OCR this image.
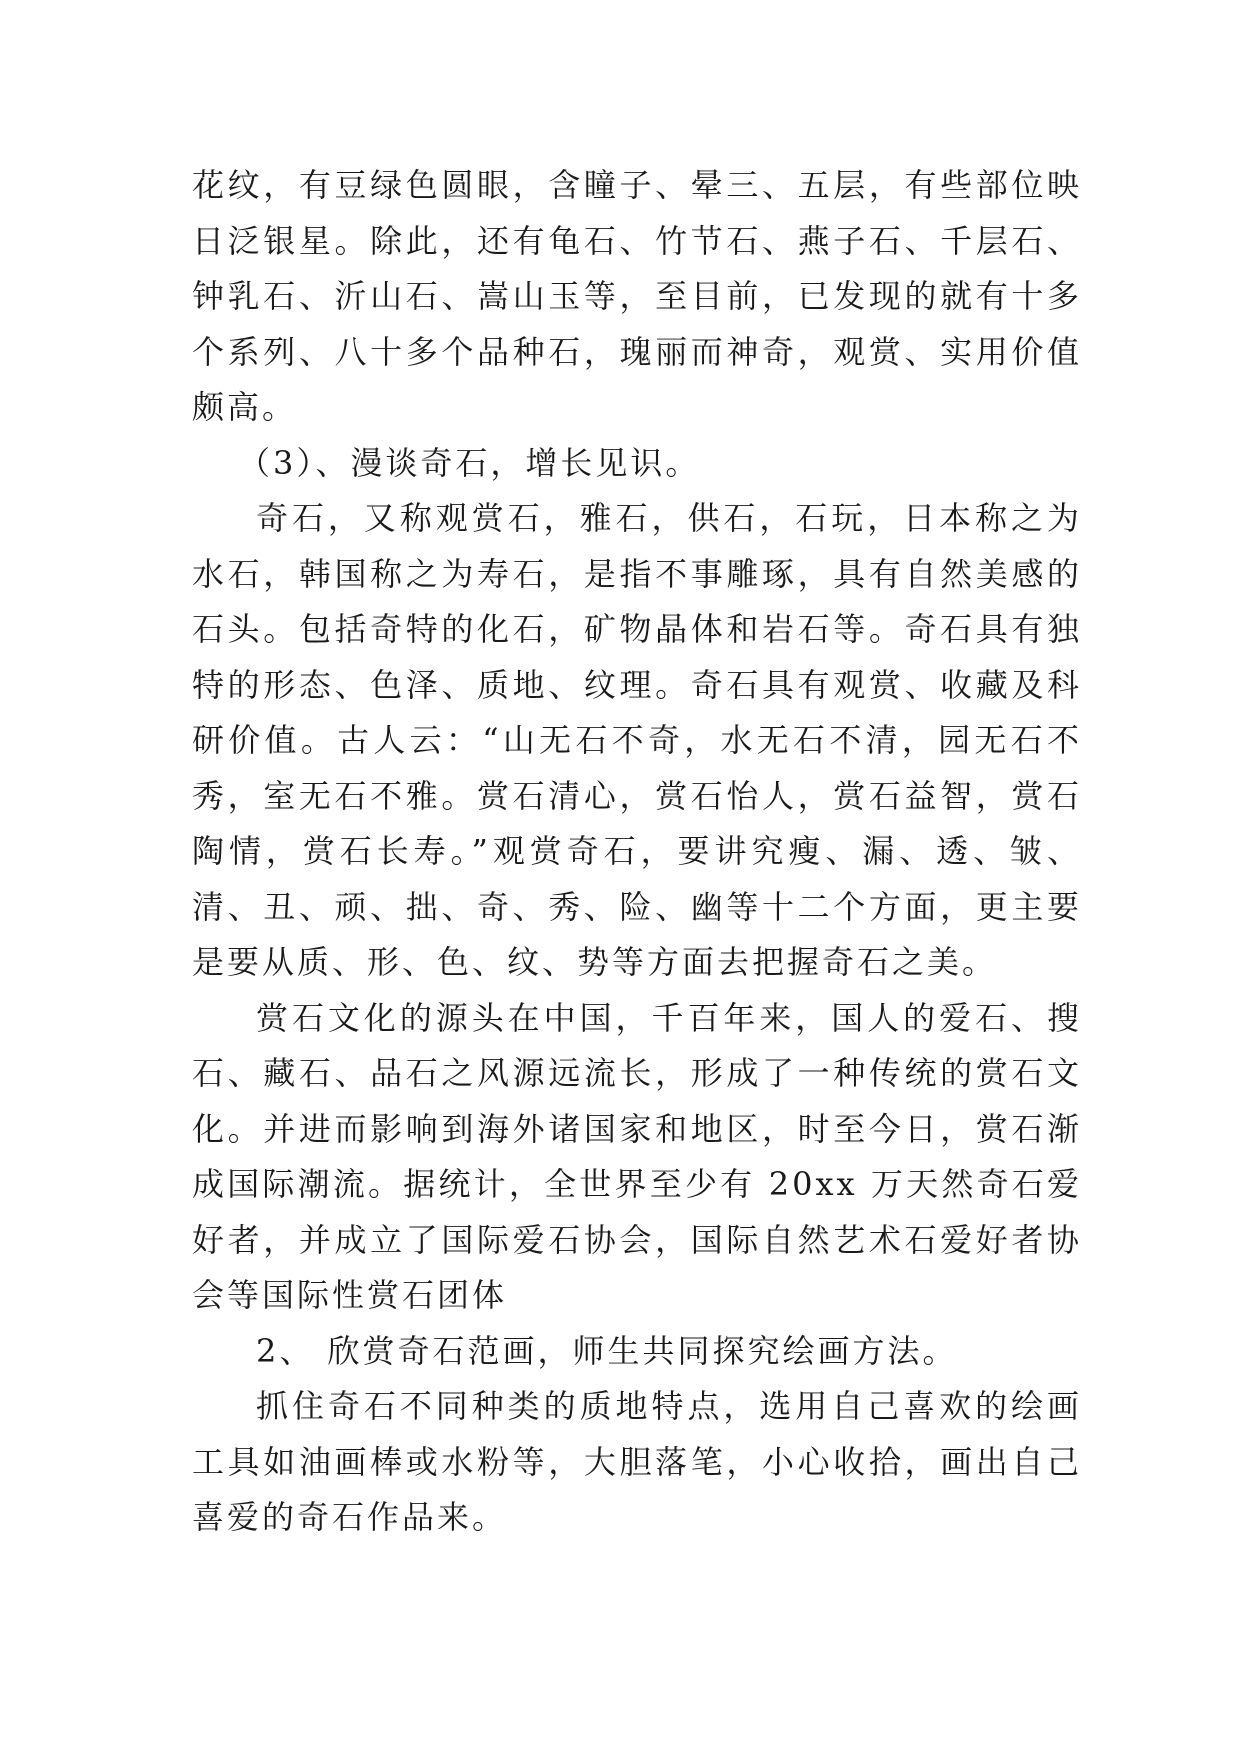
花纹，有豆绿色圆眼，含瞳子、晕三、五层，有些部位映日泛银星。除此，还有龟石、竹节石、燕子石、千层石、钟乳石、沂山石、嵩山玉等，至目前，已发现的就有十多个系列、八十多个品种石，瑰丽而神奇，观赏、实用价值颇高。

（3）、漫谈奇石，增长见识。

奇石，又称观赏石，雅石，供石，石玩，日本称之为水石，韩国称之为寿石，是指不事雕琢，具有自然美感的石头。包括奇特的化石，矿物晶体和岩石等。奇石具有独特的形态、色泽、质地、纹理。奇石具有观赏、收藏及科研价值。古人云：“山无石不奇，水无石不清，园无石不秀，室无石不雅。赏石清心，赏石怡人，赏石益智，赏石陶情，赏石长寿。”观赏奇石，要讲究瘦、漏、透、皱、清、丑、顽、拙、奇、秀、险、幽等十二个方面，更主要是要从质、形、色、纹、势等方面去把握奇石之美。

赏石文化的源头在中国，千百年来，国人的爱石、搜石、藏石、品石之风源远流长，形成了一种传统的赏石文化。并进而影响到海外诸国家和地区，时至今日，赏石渐成国际潮流。据统计，全世界至少有 20xx 万天然奇石爱好者，并成立了国际爱石协会，国际自然艺术石爱好者协会等国际性赏石团体

2、 欣赏奇石范画，师生共同探究绘画方法。

抓住奇石不同种类的质地特点，选用自己喜欢的绘画工具如油画棒或水粉等，大胆落笔，小心收拾，画出自己喜爱的奇石作品来。
